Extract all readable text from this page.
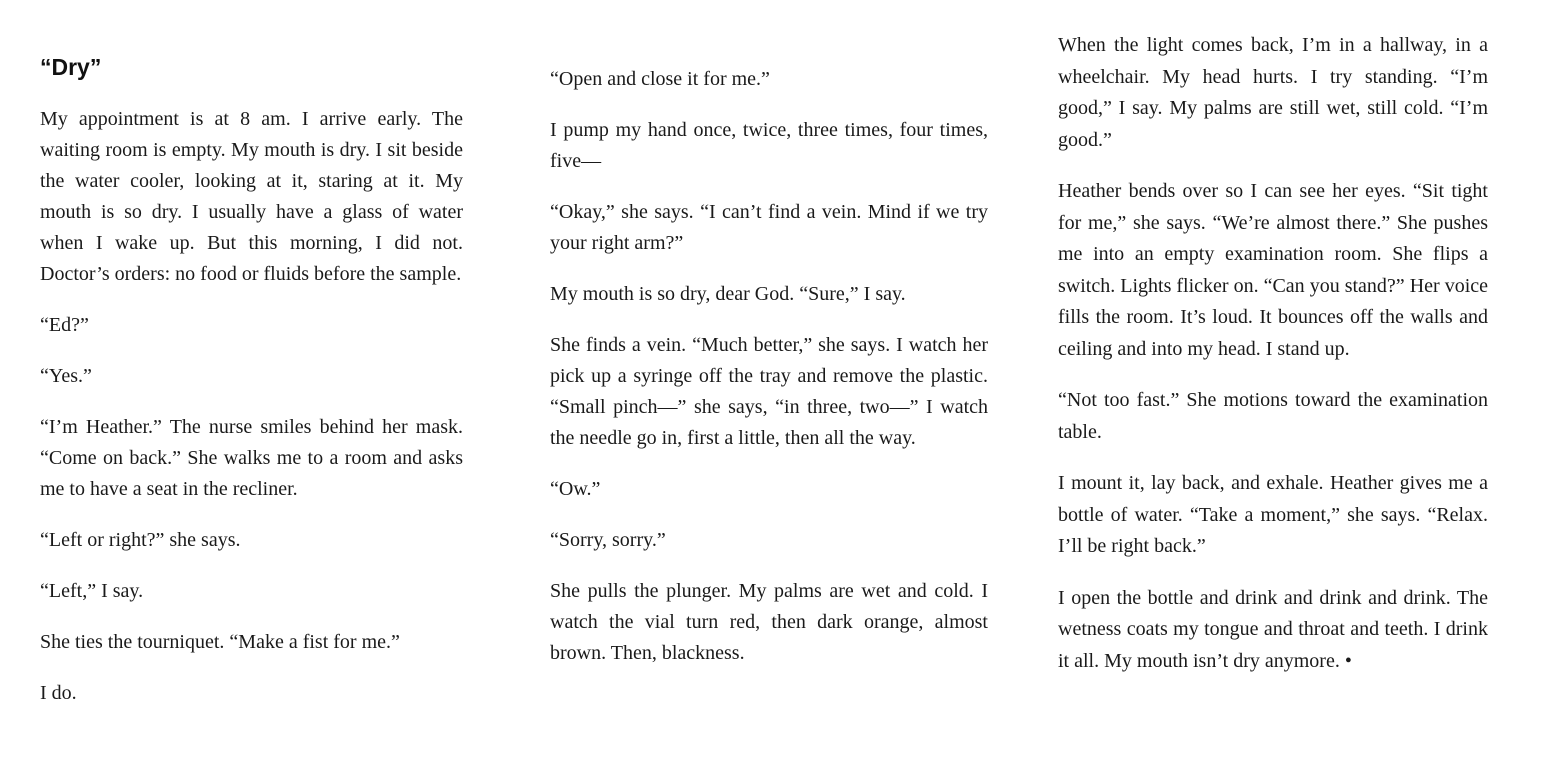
“Dry”

My appointment is at 8 am. I arrive early. The waiting room is empty. My mouth is dry. I sit beside the water cooler, looking at it, staring at it. My mouth is so dry. I usually have a glass of water when I wake up. But this morning, I did not. Doctor’s orders: no food or fluids before the sample.

“Ed?”

“Yes.”

“I’m Heather.” The nurse smiles behind her mask. “Come on back.” She walks me to a room and asks me to have a seat in the recliner.

“Left or right?” she says.

“Left,” I say.

She ties the tourniquet. “Make a fist for me.”

I do.

“Open and close it for me.”

I pump my hand once, twice, three times, four times, five—

“Okay,” she says. “I can’t find a vein. Mind if we try your right arm?”

My mouth is so dry, dear God. “Sure,” I say.

She finds a vein. “Much better,” she says. I watch her pick up a syringe off the tray and remove the plastic. “Small pinch—” she says, “in three, two—” I watch the needle go in, first a little, then all the way.

“Ow.”

“Sorry, sorry.”

She pulls the plunger. My palms are wet and cold. I watch the vial turn red, then dark orange, almost brown. Then, blackness.

When the light comes back, I’m in a hallway, in a wheelchair. My head hurts. I try standing. “I’m good,” I say. My palms are still wet, still cold. “I’m good.”

Heather bends over so I can see her eyes. “Sit tight for me,” she says. “We’re almost there.” She pushes me into an empty examination room. She flips a switch. Lights flicker on. “Can you stand?” Her voice fills the room. It’s loud. It bounces off the walls and ceiling and into my head. I stand up.

“Not too fast.” She motions toward the examination table.

I mount it, lay back, and exhale. Heather gives me a bottle of water. “Take a moment,” she says. “Relax. I’ll be right back.”

I open the bottle and drink and drink and drink. The wetness coats my tongue and throat and teeth. I drink it all. My mouth isn’t dry anymore. •
